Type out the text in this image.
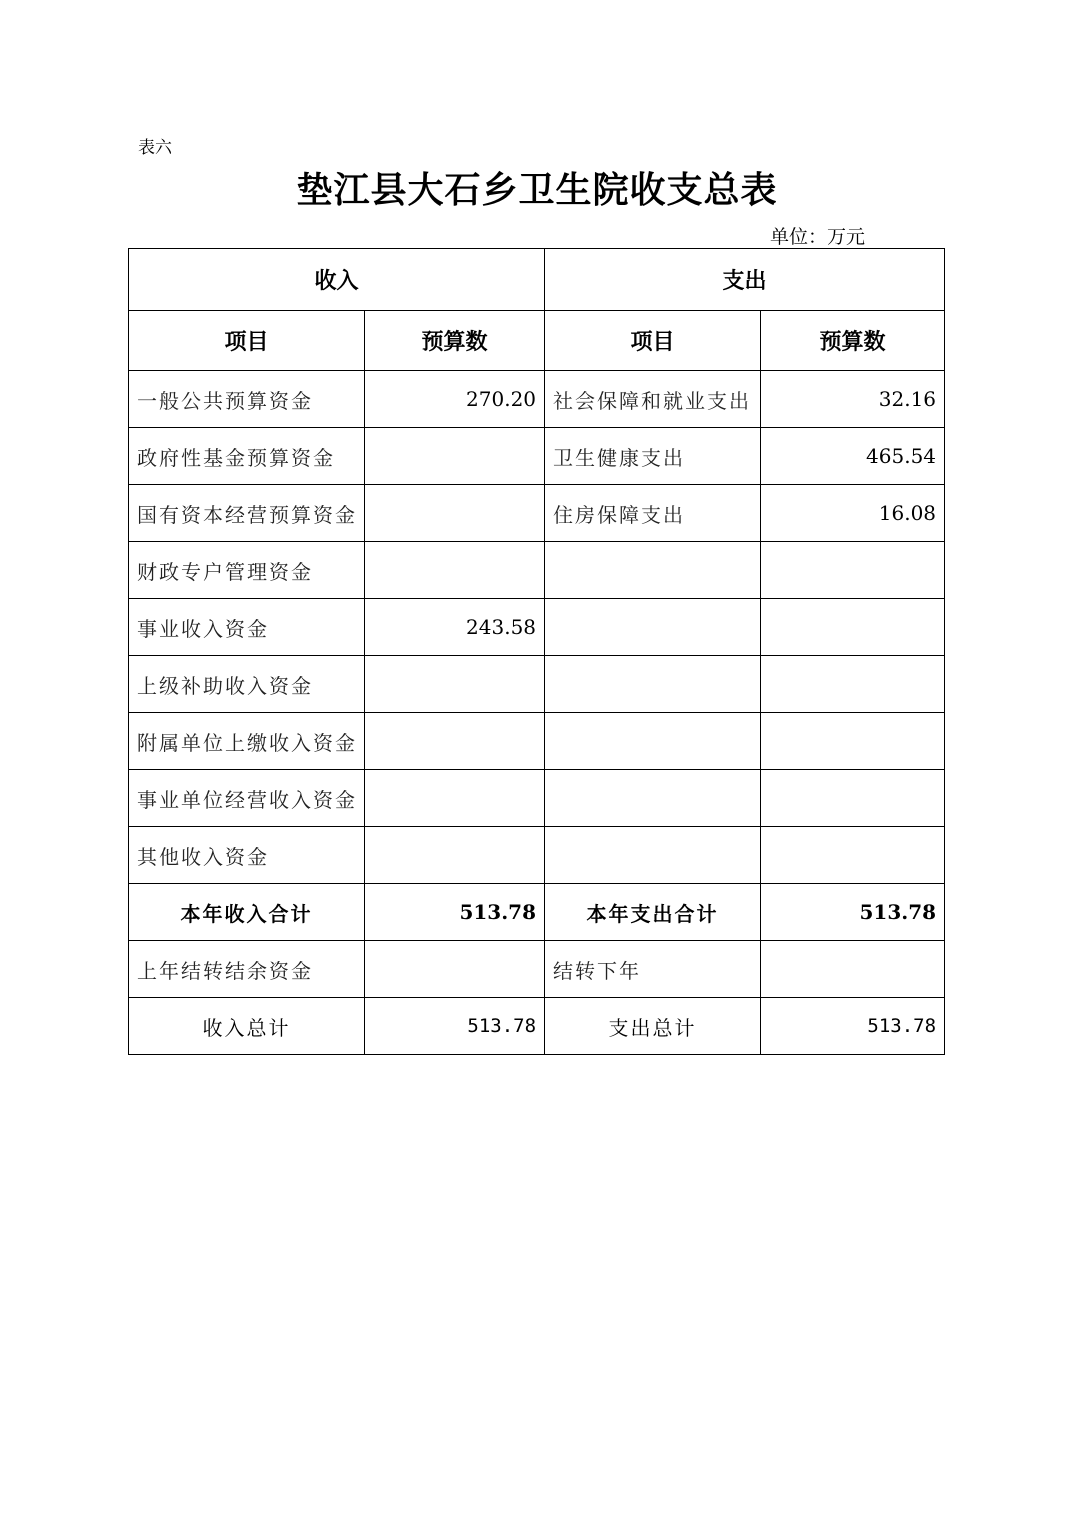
表六
垫江县大石乡卫生院收支总表
单位：万元
收入		支出	
项目	预算数	项目	预算数
一般公共预算资金	270.20	社会保障和就业支出	32.16
政府性基金预算资金		卫生健康支出	465.54
国有资本经营预算资金		住房保障支出	16.08
财政专户管理资金			
事业收入资金	243.58		
上级补助收入资金			
附属单位上缴收入资金			
事业单位经营收入资金			
其他收入资金			
本年收入合计	513.78	本年支出合计	513.78
上年结转结余资金		结转下年	
收入总计	513.78	支出总计	513.78
